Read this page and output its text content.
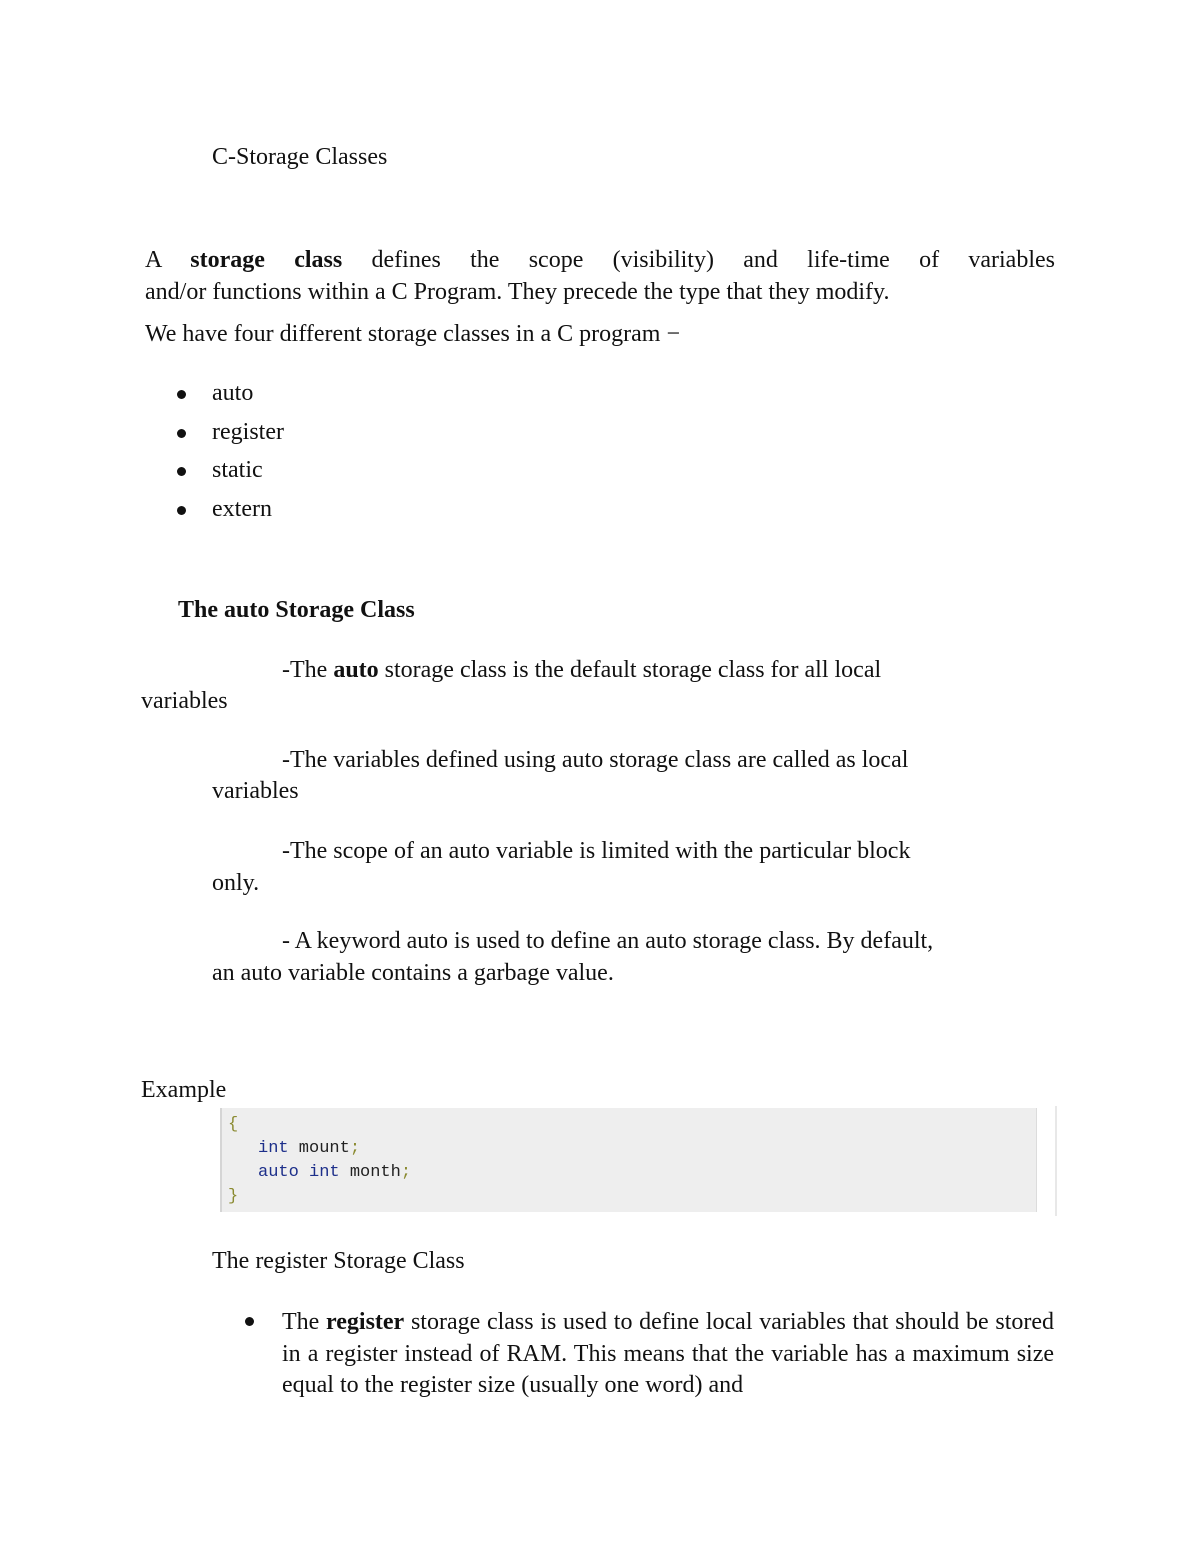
C-Storage Classes
A storage class defines the scope (visibility) and life-time of variables
and/or functions within a C Program. They precede the type that they modify.
We have four different storage classes in a C program −
auto
register
static
extern
The auto Storage Class
-The auto storage class is the default storage class for all local
variables
-The variables defined using auto storage class are called as local
variables
-The scope of an auto variable is limited with the particular block
only.
- A keyword auto is used to define an auto storage class. By default,
an auto variable contains a garbage value.
Example
{
int mount;
auto int month;
}
The register Storage Class
The register storage class is used to define local variables that should be stored in a register instead of RAM. This means that the variable has a maximum size equal to the register size (usually one word) and
